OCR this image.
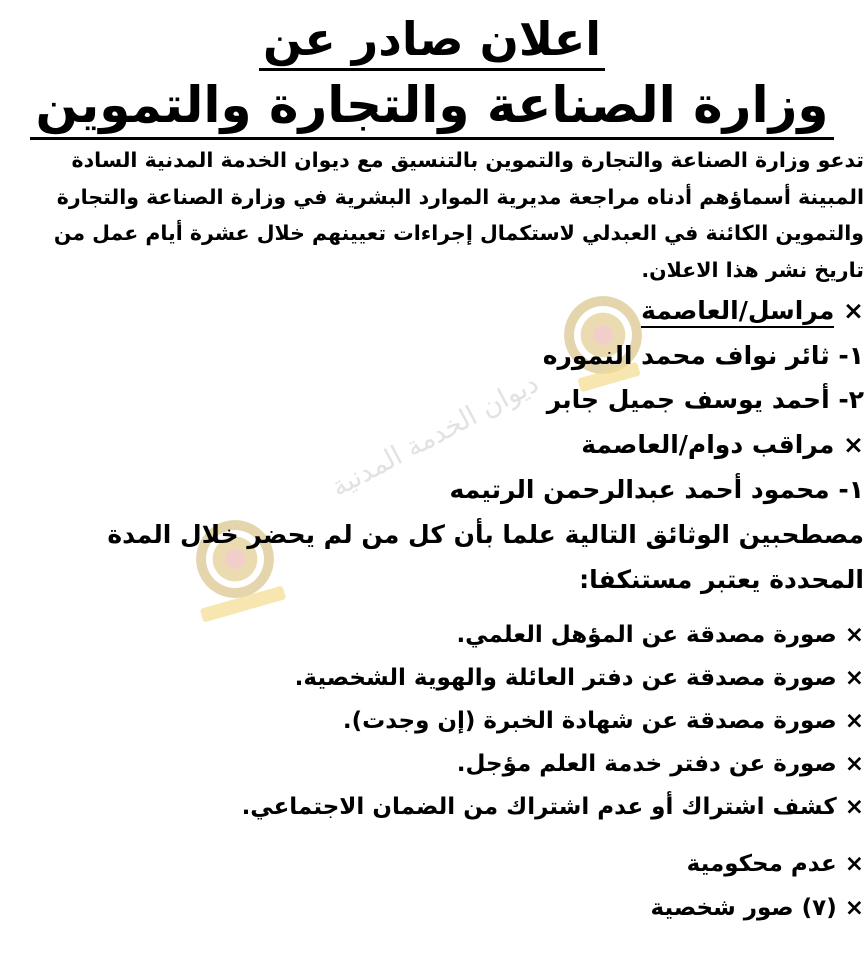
اعلان صادر عن
وزارة الصناعة والتجارة والتموين
تدعو وزارة الصناعة والتجارة والتموين بالتنسيق مع ديوان الخدمة المدنية السادة
المبينة أسماؤهم أدناه مراجعة مديرية الموارد البشرية في وزارة الصناعة والتجارة
والتموين الكائنة في العبدلي لاستكمال إجراءات تعيينهم خلال عشرة أيام عمل من
تاريخ نشر هذا الاعلان.
× مراسل/العاصمة
١- ثائر نواف محمد النموره
٢- أحمد يوسف جميل جابر
× مراقب دوام/العاصمة
١- محمود أحمد عبدالرحمن الرتيمه
ديوان الخدمة المدنية
مصطحبين الوثائق التالية علما بأن كل من لم يحضر خلال المدة
المحددة يعتبر مستنكفا:
× صورة مصدقة عن المؤهل العلمي.
× صورة مصدقة عن دفتر العائلة والهوية الشخصية.
× صورة مصدقة عن شهادة الخبرة (إن وجدت).
× صورة عن دفتر خدمة العلم مؤجل.
× كشف اشتراك أو عدم اشتراك من الضمان الاجتماعي.
× عدم محكومية
× (٧) صور شخصية
